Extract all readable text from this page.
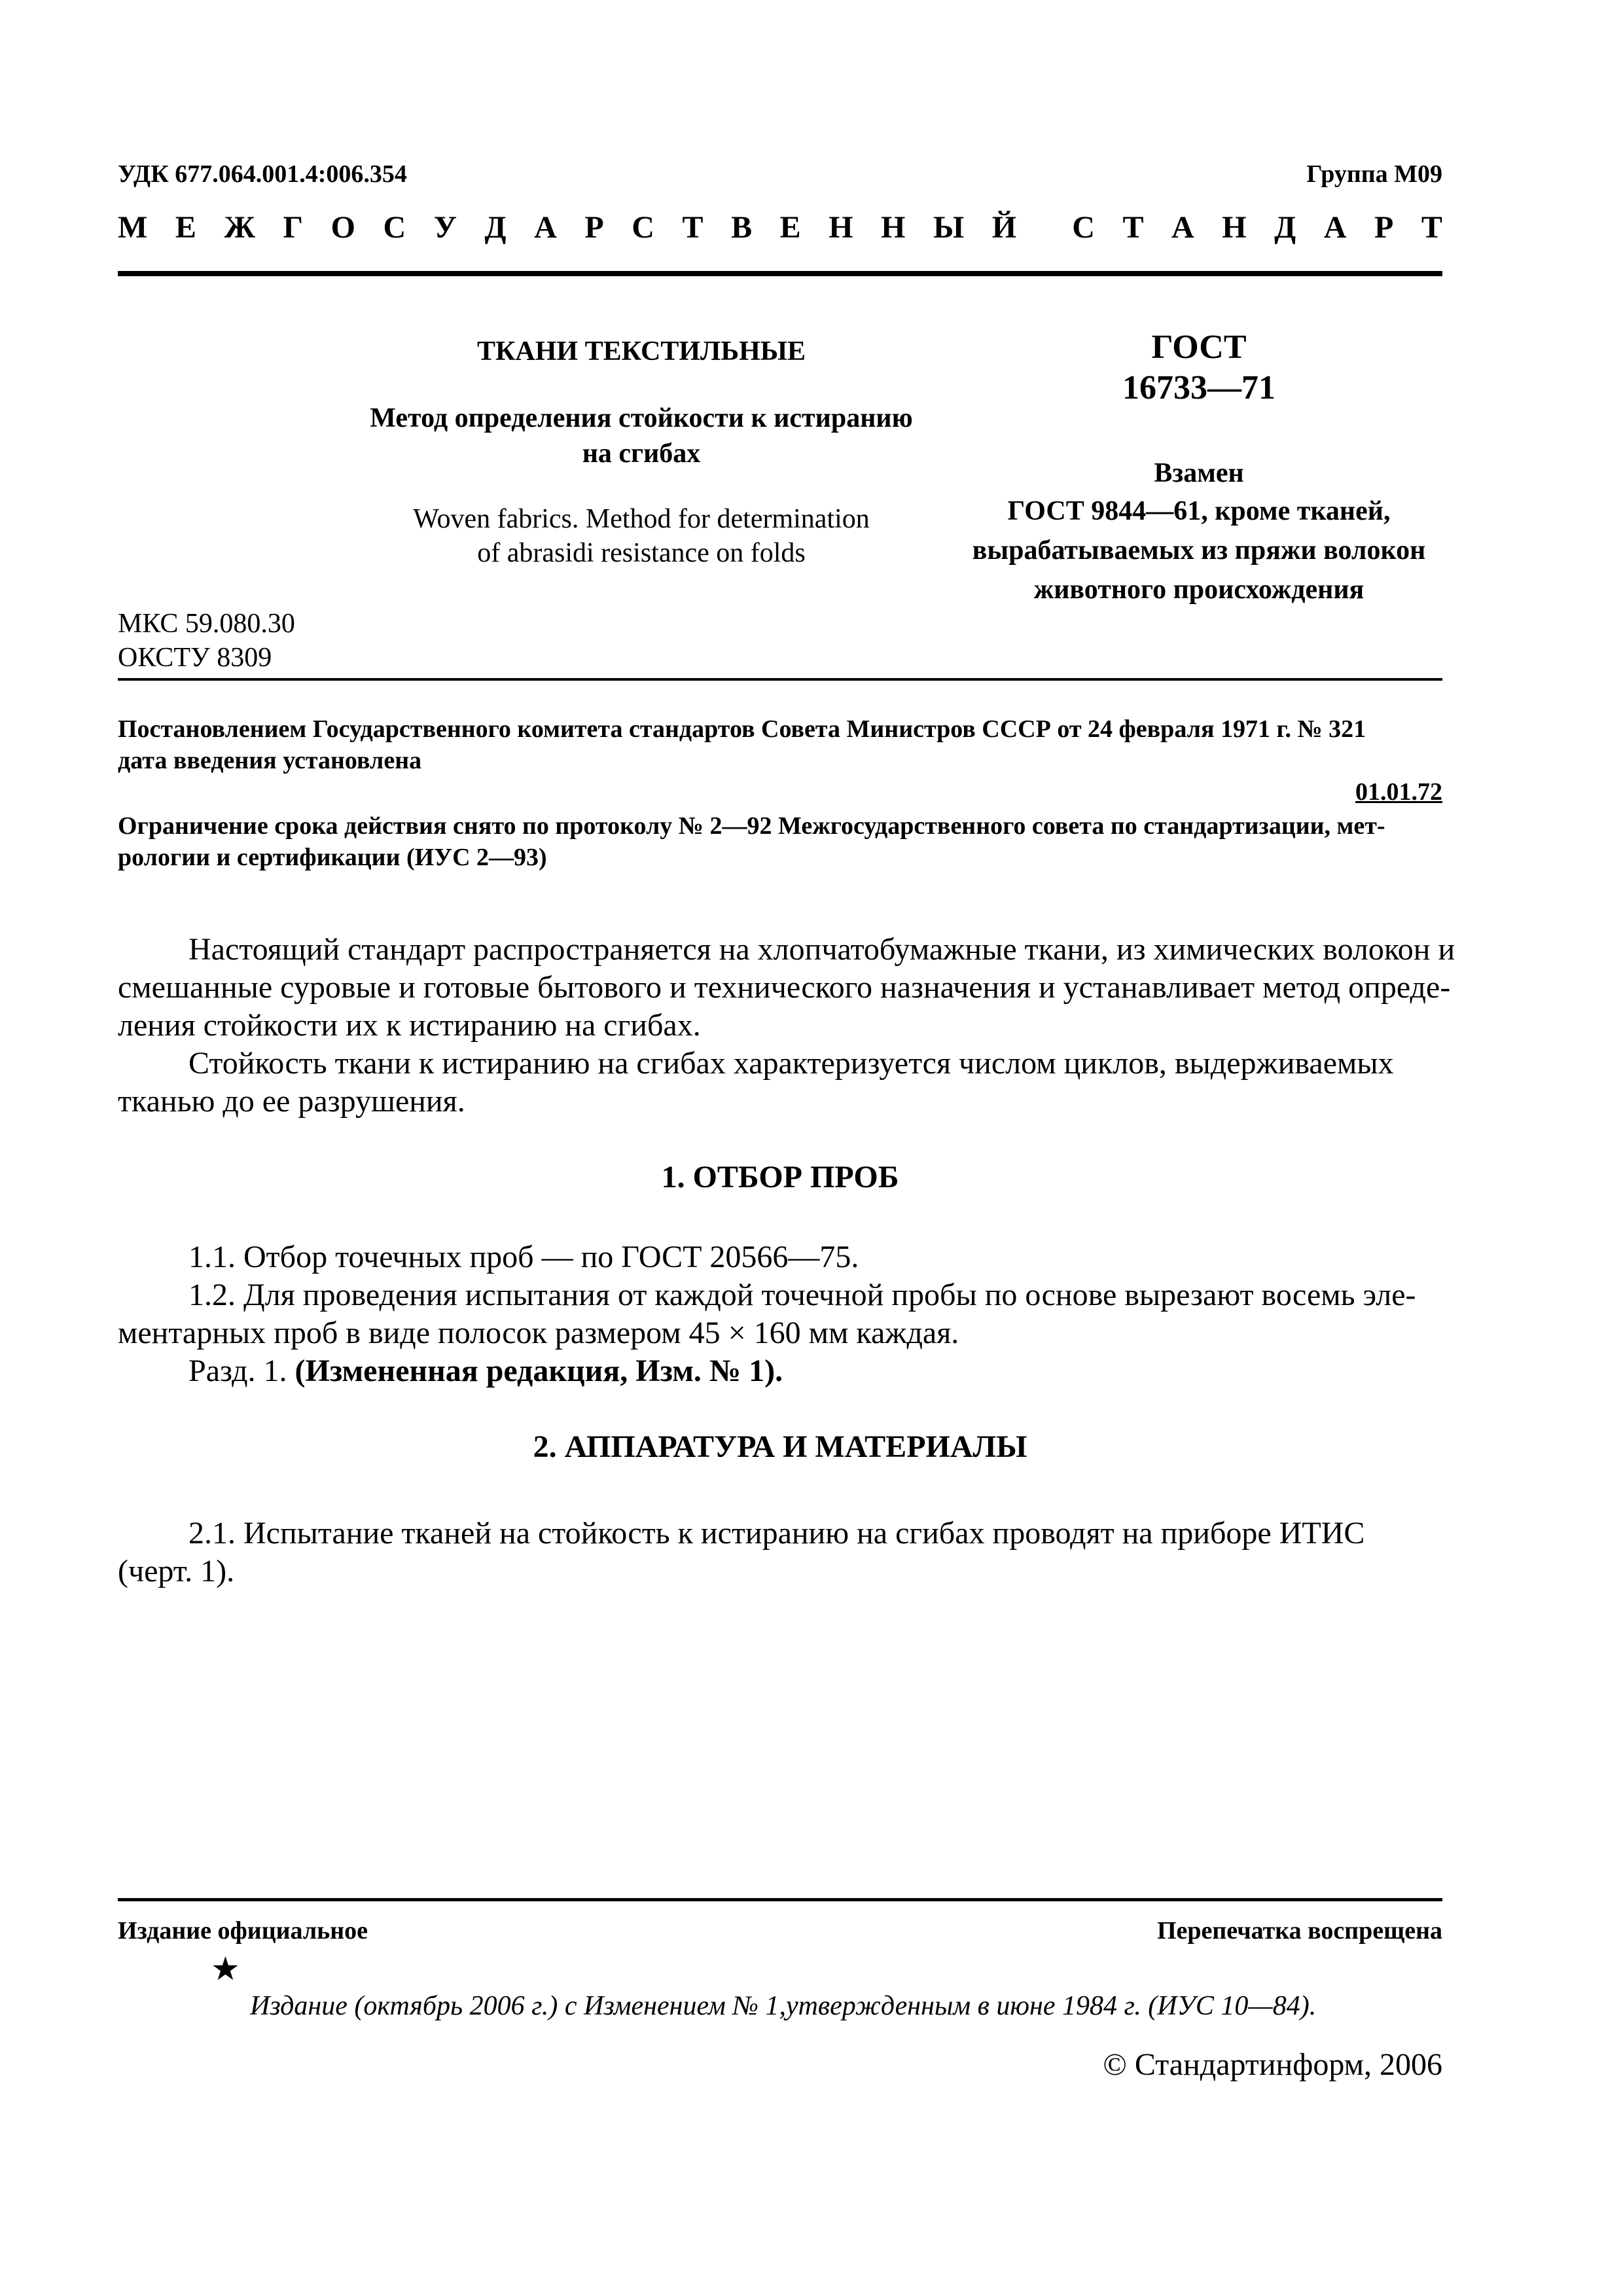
УДК 677.064.001.4:006.354	Группа М09
М Е Ж Г О С У Д А Р С Т В Е Н Н Ы Й С Т А Н Д А Р Т
ТКАНИ ТЕКСТИЛЬНЫЕ
Метод определения стойкости к истиранию
на сгибах
Woven fabrics. Method for determination
of abrasidi resistance on folds
ГОСТ
16733—71
Взамен
ГОСТ 9844—61, кроме тканей,
вырабатываемых из пряжи волокон
животного происхождения
МКС 59.080.30
ОКСТУ 8309
Постановлением Государственного комитета стандартов Совета Министров СССР от 24 февраля 1971 г. № 321
дата введения установлена
01.01.72
Ограничение срока действия снято по протоколу № 2—92 Межгосударственного совета по стандартизации, мет-
рологии и сертификации (ИУС 2—93)
Настоящий стандарт распространяется на хлопчатобумажные ткани, из химических волокон и
смешанные суровые и готовые бытового и технического назначения и устанавливает метод опреде-
ления стойкости их к истиранию на сгибах.
Стойкость ткани к истиранию на сгибах характеризуется числом циклов, выдерживаемых
тканью до ее разрушения.
1. ОТБОР ПРОБ
1.1. Отбор точечных проб — по ГОСТ 20566—75.
1.2. Для проведения испытания от каждой точечной пробы по основе вырезают восемь эле-
ментарных проб в виде полосок размером 45 × 160 мм каждая.
Разд. 1. (Измененная редакция, Изм. № 1).
2. АППАРАТУРА И МАТЕРИАЛЫ
2.1. Испытание тканей на стойкость к истиранию на сгибах проводят на приборе ИТИС
(черт. 1).
Издание официальное	Перепечатка воспрещена
★
Издание (октябрь 2006 г.) с Изменением № 1,утвержденным в июне 1984 г. (ИУС 10—84).
© Стандартинформ, 2006
